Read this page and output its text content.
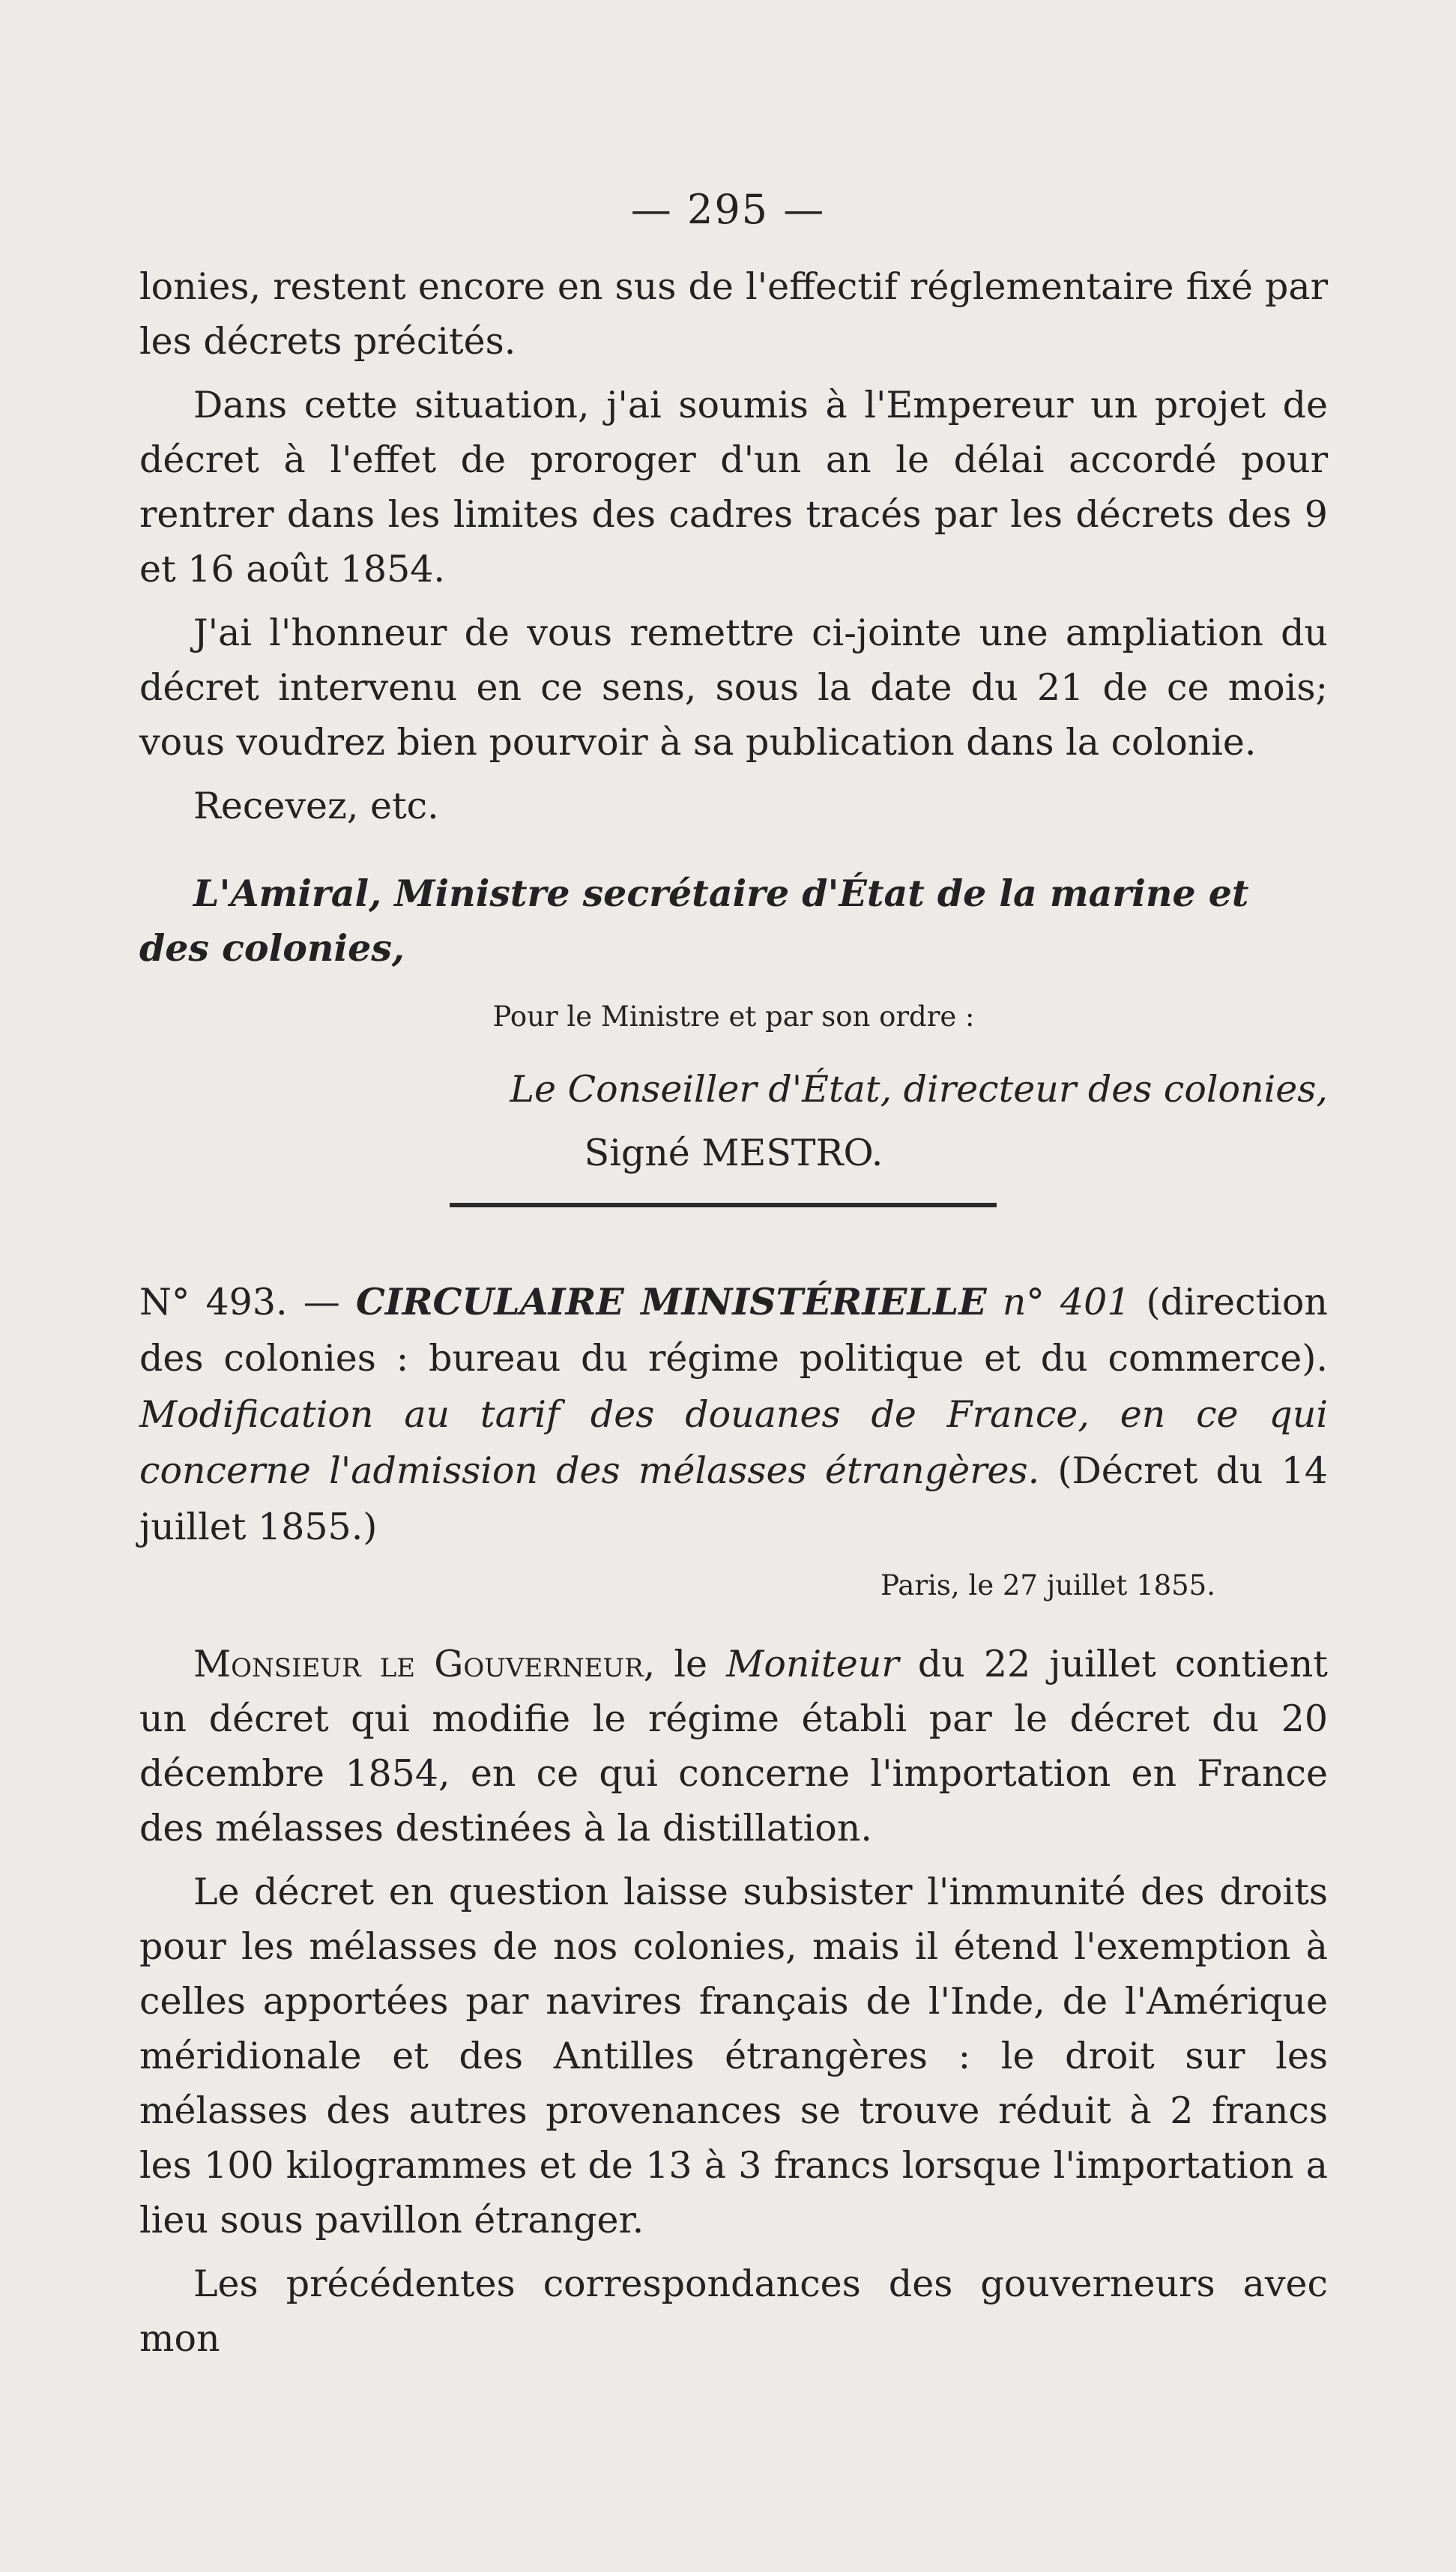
— 295 —

lonies, restent encore en sus de l'effectif réglementaire fixé par les décrets précités.

Dans cette situation, j'ai soumis à l'Empereur un projet de décret à l'effet de proroger d'un an le délai accordé pour rentrer dans les limites des cadres tracés par les décrets des 9 et 16 août 1854.

J'ai l'honneur de vous remettre ci-jointe une ampliation du décret intervenu en ce sens, sous la date du 21 de ce mois; vous voudrez bien pourvoir à sa publication dans la colonie.

Recevez, etc.

L'Amiral, Ministre secrétaire d'État de la marine et des colonies,

Pour le Ministre et par son ordre :

Le Conseiller d'État, directeur des colonies,

Signé MESTRO.

N° 493. — CIRCULAIRE MINISTÉRIELLE n° 401 (direction des colonies : bureau du régime politique et du commerce). Modification au tarif des douanes de France, en ce qui concerne l'admission des mélasses étrangères. (Décret du 14 juillet 1855.)

Paris, le 27 juillet 1855.

Monsieur le Gouverneur, le Moniteur du 22 juillet contient un décret qui modifie le régime établi par le décret du 20 décembre 1854, en ce qui concerne l'importation en France des mélasses destinées à la distillation.

Le décret en question laisse subsister l'immunité des droits pour les mélasses de nos colonies, mais il étend l'exemption à celles apportées par navires français de l'Inde, de l'Amérique méridionale et des Antilles étrangères : le droit sur les mélasses des autres provenances se trouve réduit à 2 francs les 100 kilogrammes et de 13 à 3 francs lorsque l'importation a lieu sous pavillon étranger.

Les précédentes correspondances des gouverneurs avec mon
